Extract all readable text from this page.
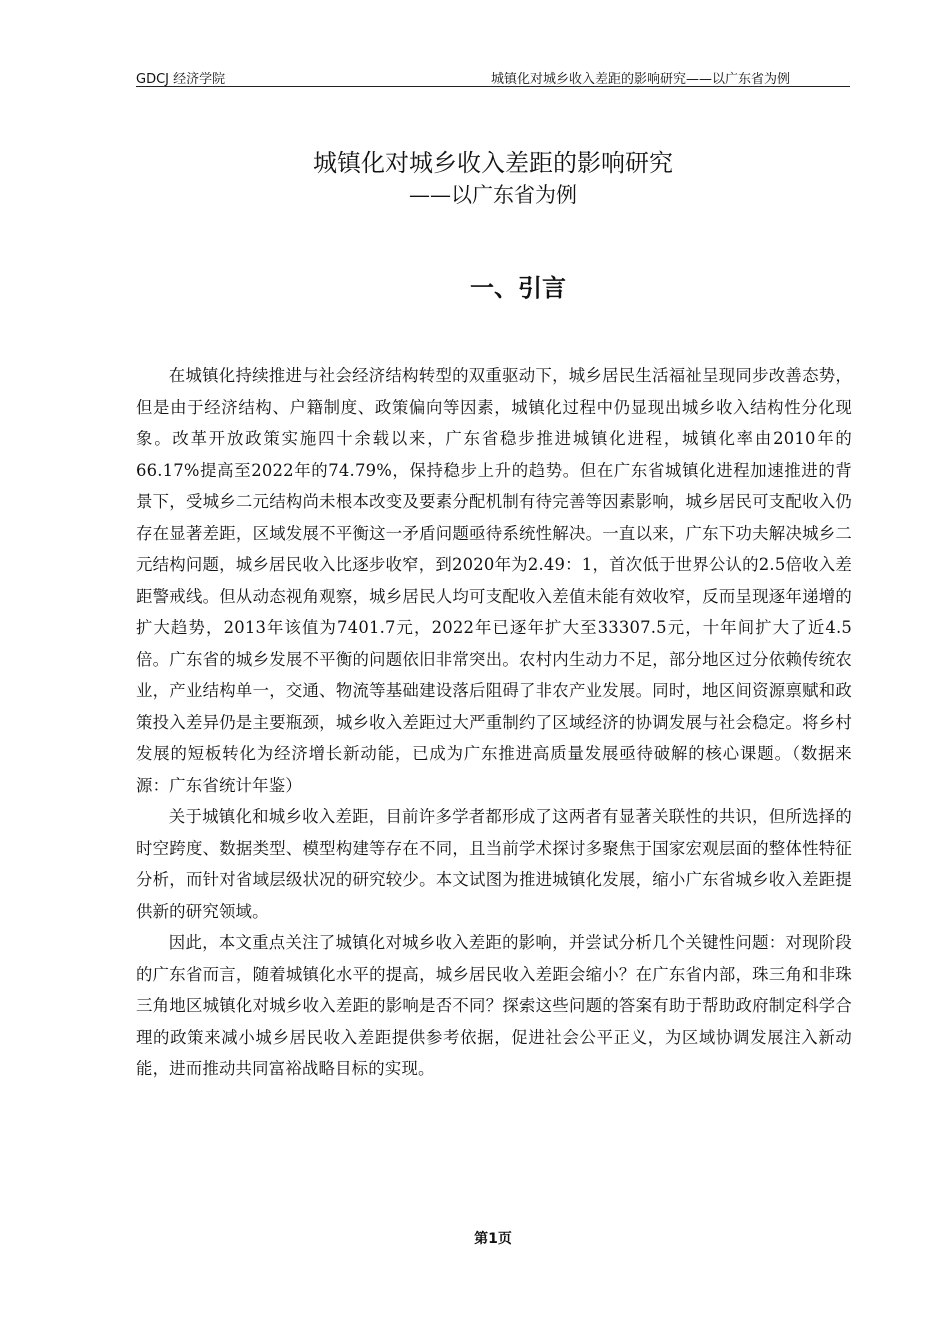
GDCJ 经济学院	城镇化对城乡收入差距的影响研究——以广东省为例
城镇化对城乡收入差距的影响研究
——以广东省为例
一、引言

在城镇化持续推进与社会经济结构转型的双重驱动下，城乡居民生活福祉呈现同步改善态势，但是由于经济结构、户籍制度、政策偏向等因素，城镇化过程中仍显现出城乡收入结构性分化现象。改革开放政策实施四十余载以来，广东省稳步推进城镇化进程，城镇化率由2010年的66.17%提高至2022年的74.79%，保持稳步上升的趋势。但在广东省城镇化进程加速推进的背景下，受城乡二元结构尚未根本改变及要素分配机制有待完善等因素影响，城乡居民可支配收入仍存在显著差距，区域发展不平衡这一矛盾问题亟待系统性解决。一直以来，广东下功夫解决城乡二元结构问题，城乡居民收入比逐步收窄，到2020年为2.49：1，首次低于世界公认的2.5倍收入差距警戒线。但从动态视角观察，城乡居民人均可支配收入差值未能有效收窄，反而呈现逐年递增的扩大趋势，2013年该值为7401.7元，2022年已逐年扩大至33307.5元，十年间扩大了近4.5倍。广东省的城乡发展不平衡的问题依旧非常突出。农村内生动力不足，部分地区过分依赖传统农业，产业结构单一，交通、物流等基础建设落后阻碍了非农产业发展。同时，地区间资源禀赋和政策投入差异仍是主要瓶颈，城乡收入差距过大严重制约了区域经济的协调发展与社会稳定。将乡村发展的短板转化为经济增长新动能，已成为广东推进高质量发展亟待破解的核心课题。（数据来源：广东省统计年鉴）

关于城镇化和城乡收入差距，目前许多学者都形成了这两者有显著关联性的共识，但所选择的时空跨度、数据类型、模型构建等存在不同，且当前学术探讨多聚焦于国家宏观层面的整体性特征分析，而针对省域层级状况的研究较少。本文试图为推进城镇化发展，缩小广东省城乡收入差距提供新的研究领域。

因此，本文重点关注了城镇化对城乡收入差距的影响，并尝试分析几个关键性问题：对现阶段的广东省而言，随着城镇化水平的提高，城乡居民收入差距会缩小？在广东省内部，珠三角和非珠三角地区城镇化对城乡收入差距的影响是否不同？探索这些问题的答案有助于帮助政府制定科学合理的政策来减小城乡居民收入差距提供参考依据，促进社会公平正义，为区域协调发展注入新动能，进而推动共同富裕战略目标的实现。

第1页
